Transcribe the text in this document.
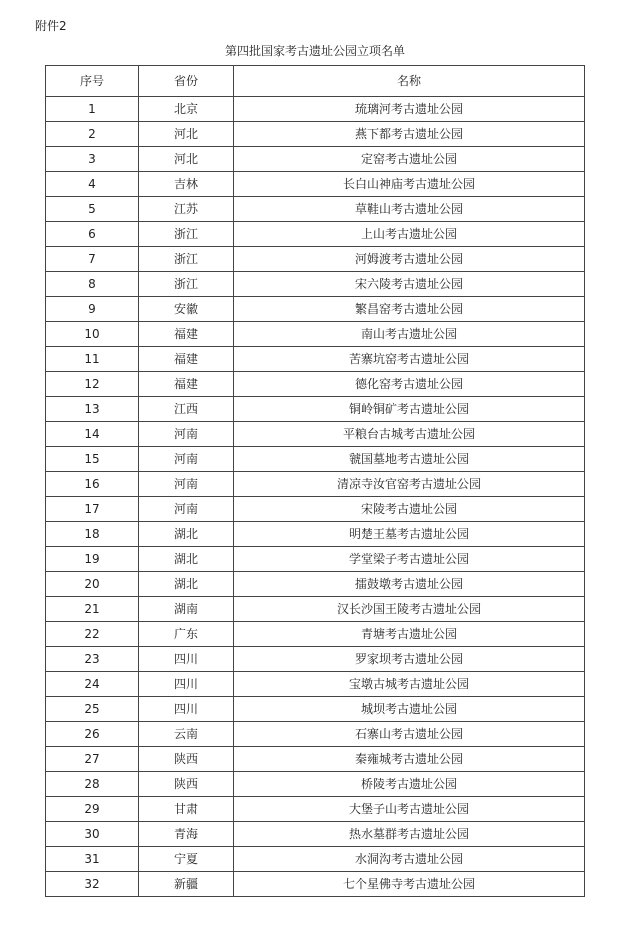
附件2
第四批国家考古遗址公园立项名单
序号	省份	名称
1	北京	琉璃河考古遗址公园
2	河北	燕下都考古遗址公园
3	河北	定窑考古遗址公园
4	吉林	长白山神庙考古遗址公园
5	江苏	草鞋山考古遗址公园
6	浙江	上山考古遗址公园
7	浙江	河姆渡考古遗址公园
8	浙江	宋六陵考古遗址公园
9	安徽	繁昌窑考古遗址公园
10	福建	南山考古遗址公园
11	福建	苦寨坑窑考古遗址公园
12	福建	德化窑考古遗址公园
13	江西	铜岭铜矿考古遗址公园
14	河南	平粮台古城考古遗址公园
15	河南	虢国墓地考古遗址公园
16	河南	清凉寺汝官窑考古遗址公园
17	河南	宋陵考古遗址公园
18	湖北	明楚王墓考古遗址公园
19	湖北	学堂梁子考古遗址公园
20	湖北	擂鼓墩考古遗址公园
21	湖南	汉长沙国王陵考古遗址公园
22	广东	青塘考古遗址公园
23	四川	罗家坝考古遗址公园
24	四川	宝墩古城考古遗址公园
25	四川	城坝考古遗址公园
26	云南	石寨山考古遗址公园
27	陕西	秦雍城考古遗址公园
28	陕西	桥陵考古遗址公园
29	甘肃	大堡子山考古遗址公园
30	青海	热水墓群考古遗址公园
31	宁夏	水洞沟考古遗址公园
32	新疆	七个星佛寺考古遗址公园
